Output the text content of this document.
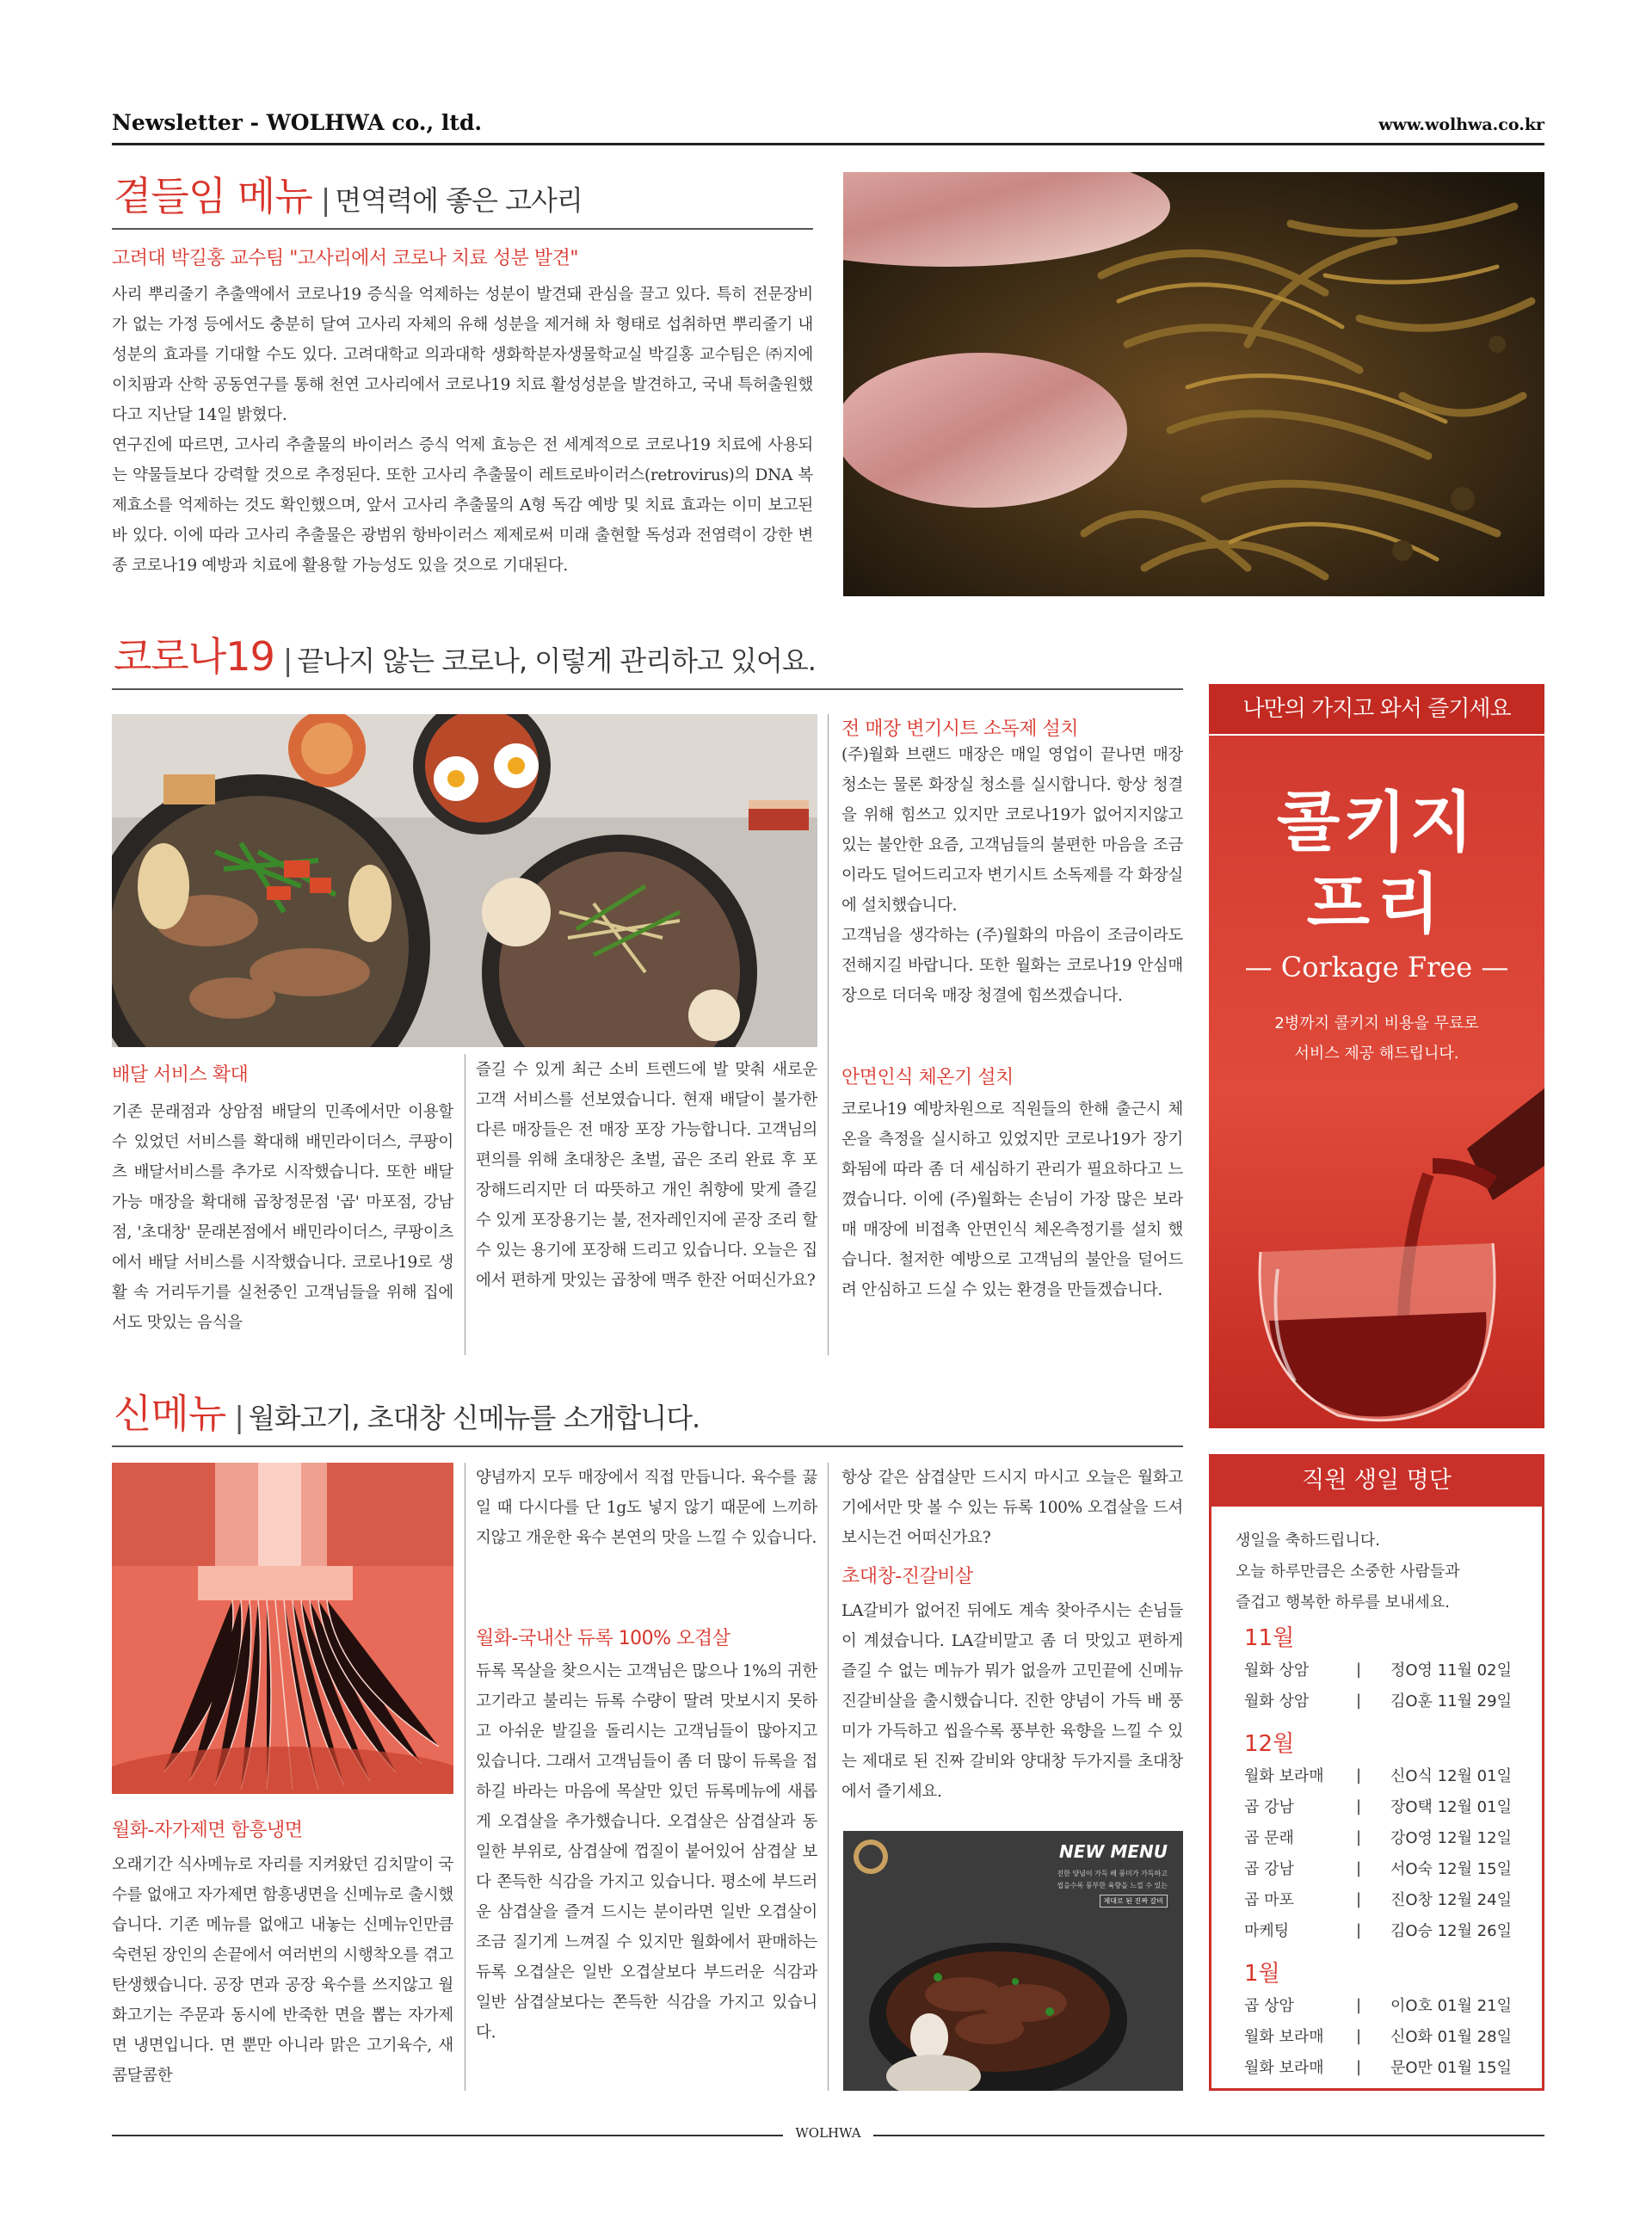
Newsletter - WOLHWA co., ltd.	www.wolhwa.co.kr
곁들임 메뉴 | 면역력에 좋은 고사리
고려대 박길홍 교수팀 "고사리에서 코로나 치료 성분 발견"

사리 뿌리줄기 추출액에서 코로나19 증식을 억제하는 성분이 발견돼 관심을 끌고 있다. 특히 전문장비가 없는 가정 등에서도 충분히 달여 고사리 자체의 유해 성분을 제거해 차 형태로 섭취하면 뿌리줄기 내 성분의 효과를 기대할 수도 있다. 고려대학교 의과대학 생화학분자생물학교실 박길홍 교수팀은 ㈜지에이치팜과 산학 공동연구를 통해 천연 고사리에서 코로나19 치료 활성성분을 발견하고, 국내 특허출원했다고 지난달 14일 밝혔다.

연구진에 따르면, 고사리 추출물의 바이러스 증식 억제 효능은 전 세계적으로 코로나19 치료에 사용되는 약물들보다 강력할 것으로 추정된다. 또한 고사리 추출물이 레트로바이러스(retrovirus)의 DNA 복제효소를 억제하는 것도 확인했으며, 앞서 고사리 추출물의 A형 독감 예방 및 치료 효과는 이미 보고된 바 있다. 이에 따라 고사리 추출물은 광범위 항바이러스 제제로써 미래 출현할 독성과 전염력이 강한 변종 코로나19 예방과 치료에 활용할 가능성도 있을 것으로 기대된다.

코로나19 | 끝나지 않는 코로나, 이렇게 관리하고 있어요.
배달 서비스 확대
기존 문래점과 상암점 배달의 민족에서만 이용할 수 있었던 서비스를 확대해 배민라이더스, 쿠팡이츠 배달서비스를 추가로 시작했습니다. 또한 배달 가능 매장을 확대해 곱창정문점 '곱' 마포점, 강남점, '초대창' 문래본점에서 배민라이더스, 쿠팡이츠에서 배달 서비스를 시작했습니다. 코로나19로 생활 속 거리두기를 실천중인 고객님들을 위해 집에서도 맛있는 음식을
즐길 수 있게 최근 소비 트렌드에 발 맞춰 새로운 고객 서비스를 선보였습니다. 현재 배달이 불가한 다른 매장들은 전 매장 포장 가능합니다. 고객님의 편의를 위해 초대창은 초벌, 곱은 조리 완료 후 포장해드리지만 더 따뜻하고 개인 취향에 맞게 즐길 수 있게 포장용기는 불, 전자레인지에 곧장 조리 할 수 있는 용기에 포장해 드리고 있습니다. 오늘은 집에서 편하게 맛있는 곱창에 맥주 한잔 어떠신가요?
전 매장 변기시트 소독제 설치

(주)월화 브랜드 매장은 매일 영업이 끝나면 매장청소는 물론 화장실 청소를 실시합니다. 항상 청결을 위해 힘쓰고 있지만 코로나19가 없어지지않고 있는 불안한 요즘, 고객님들의 불편한 마음을 조금이라도 덜어드리고자 변기시트 소독제를 각 화장실에 설치했습니다.

고객님을 생각하는 (주)월화의 마음이 조금이라도 전해지길 바랍니다. 또한 월화는 코로나19 안심매장으로 더더욱 매장 청결에 힘쓰겠습니다.

안면인식 체온기 설치
코로나19 예방차원으로 직원들의 한해 출근시 체온을 측정을 실시하고 있었지만 코로나19가 장기화됨에 따라 좀 더 세심하기 관리가 필요하다고 느꼈습니다. 이에 (주)월화는 손님이 가장 많은 보라매 매장에 비접촉 안면인식 체온측정기를 설치 했습니다. 철저한 예방으로 고객님의 불안을 덜어드려 안심하고 드실 수 있는 환경을 만들겠습니다.
나만의 가지고 와서 즐기세요
콜키지
프리
— Corkage Free —
2병까지 콜키지 비용을 무료로
서비스 제공 해드립니다.
신메뉴 | 월화고기, 초대창 신메뉴를 소개합니다.
월화-자가제면 함흥냉면
오래기간 식사메뉴로 자리를 지켜왔던 김치말이 국수를 없애고 자가제면 함흥냉면을 신메뉴로 출시했습니다. 기존 메뉴를 없애고 내놓는 신메뉴인만큼 숙련된 장인의 손끝에서 여러번의 시행착오를 겪고 탄생했습니다. 공장 면과 공장 육수를 쓰지않고 월화고기는 주문과 동시에 반죽한 면을 뽑는 자가제면 냉면입니다. 면 뿐만 아니라 맑은 고기육수, 새콤달콤한
양념까지 모두 매장에서 직접 만듭니다. 육수를 끓일 때 다시다를 단 1g도 넣지 않기 때문에 느끼하지않고 개운한 육수 본연의 맛을 느낄 수 있습니다.
월화-국내산 듀록 100% 오겹살
듀록 목살을 찾으시는 고객님은 많으나 1%의 귀한 고기라고 불리는 듀록 수량이 딸려 맛보시지 못하고 아쉬운 발길을 돌리시는 고객님들이 많아지고 있습니다. 그래서 고객님들이 좀 더 많이 듀록을 접하길 바라는 마음에 목살만 있던 듀록메뉴에 새롭게 오겹살을 추가했습니다. 오겹살은 삼겹살과 동일한 부위로, 삼겹살에 껍질이 붙어있어 삼겹살 보다 쫀득한 식감을 가지고 있습니다. 평소에 부드러운 삼겹살을 즐겨 드시는 분이라면 일반 오겹살이 조금 질기게 느껴질 수 있지만 월화에서 판매하는 듀록 오겹살은 일반 오겹살보다 부드러운 식감과 일반 삼겹살보다는 쫀득한 식감을 가지고 있습니다.
항상 같은 삼겹살만 드시지 마시고 오늘은 월화고기에서만 맛 볼 수 있는 듀록 100% 오겹살을 드셔보시는건 어떠신가요?
초대창-진갈비살
LA갈비가 없어진 뒤에도 계속 찾아주시는 손님들이 계셨습니다. LA갈비말고 좀 더 맛있고 편하게 즐길 수 없는 메뉴가 뭐가 없을까 고민끝에 신메뉴 진갈비살을 출시했습니다. 진한 양념이 가득 배 풍미가 가득하고 씹을수록 풍부한 육향을 느낄 수 있는 제대로 된 진짜 갈비와 양대창 두가지를 초대창에서 즐기세요.
NEW MENU
진한 양념이 가득 배 풍미가 가득하고
씹을수록 풍부한 육향을 느낄 수 있는
제대로 된 진짜 갈비
직원 생일 명단
생일을 축하드립니다.
오늘 하루만큼은 소중한 사람들과
즐겁고 행복한 하루를 보내세요.
11월
월화 상암	|	정O영 11월 02일
월화 상암	|	김O훈 11월 29일
12월
월화 보라매	|	신O식 12월 01일
곱 강남	|	장O택 12월 01일
곱 문래	|	강O영 12월 12일
곱 강남	|	서O숙 12월 15일
곱 마포	|	진O창 12월 24일
마케팅	|	김O승 12월 26일
1월
곱 상암	|	이O호 01월 21일
월화 보라매	|	신O화 01월 28일
월화 보라매	|	문O만 01월 15일
WOLHWA
